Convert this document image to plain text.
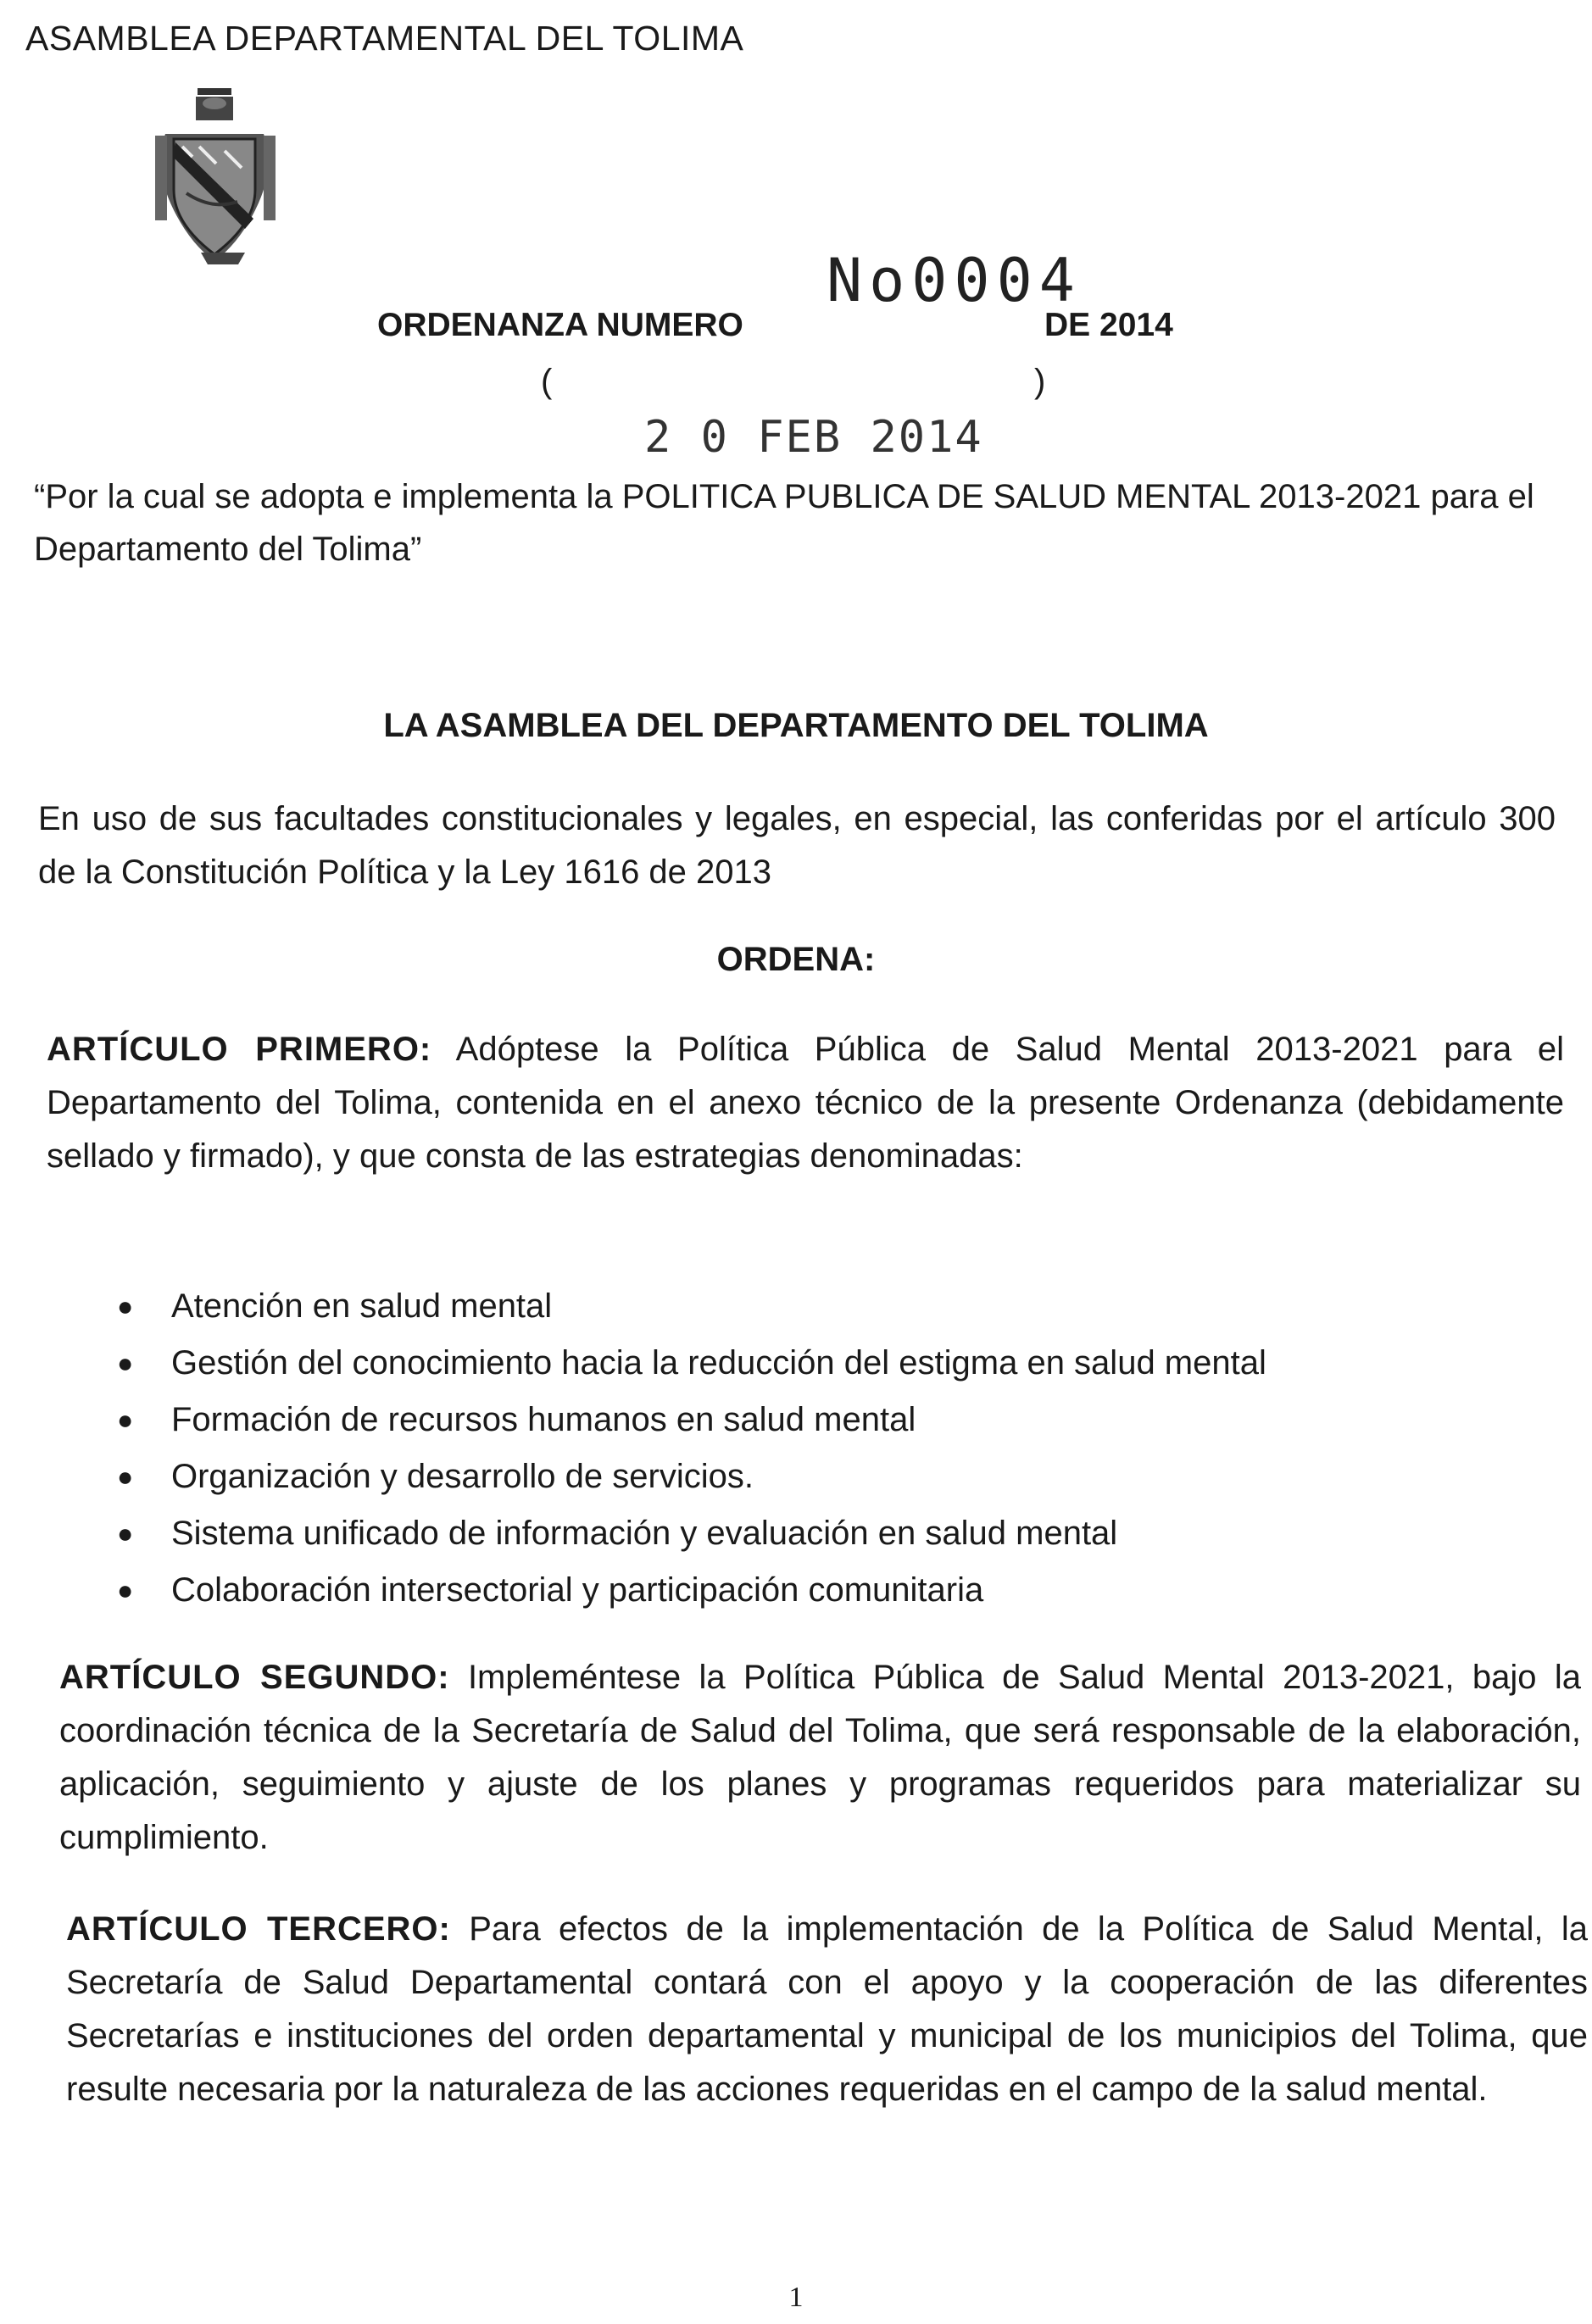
ASAMBLEA DEPARTAMENTAL DEL TOLIMA
No0004
ORDENANZA NUMERO	DE 2014
(	)
2 0 FEB 2014
“Por la cual se adopta e implementa la POLITICA PUBLICA DE SALUD MENTAL 2013-2021 para el Departamento del Tolima”
LA ASAMBLEA DEL DEPARTAMENTO DEL TOLIMA
En uso de sus facultades constitucionales y legales, en especial, las conferidas por el artículo 300 de la Constitución Política y la Ley 1616 de 2013
ORDENA:
ARTÍCULO PRIMERO: Adóptese la Política Pública de Salud Mental 2013-2021 para el Departamento del Tolima, contenida en el anexo técnico de la presente Ordenanza (debidamente sellado y firmado), y que consta de las estrategias denominadas:
● Atención en salud mental
● Gestión del conocimiento hacia la reducción del estigma en salud mental
● Formación de recursos humanos en salud mental
● Organización y desarrollo de servicios.
● Sistema unificado de información y evaluación en salud mental
● Colaboración intersectorial y participación comunitaria
ARTÍCULO SEGUNDO: Impleméntese la Política Pública de Salud Mental 2013-2021, bajo la coordinación técnica de la Secretaría de Salud del Tolima, que será responsable de la elaboración, aplicación, seguimiento y ajuste de los planes y programas requeridos para materializar su cumplimiento.
ARTÍCULO TERCERO: Para efectos de la implementación de la Política de Salud Mental, la Secretaría de Salud Departamental contará con el apoyo y la cooperación de las diferentes Secretarías e instituciones del orden departamental y municipal de los municipios del Tolima, que resulte necesaria por la naturaleza de las acciones requeridas en el campo de la salud mental.
1
